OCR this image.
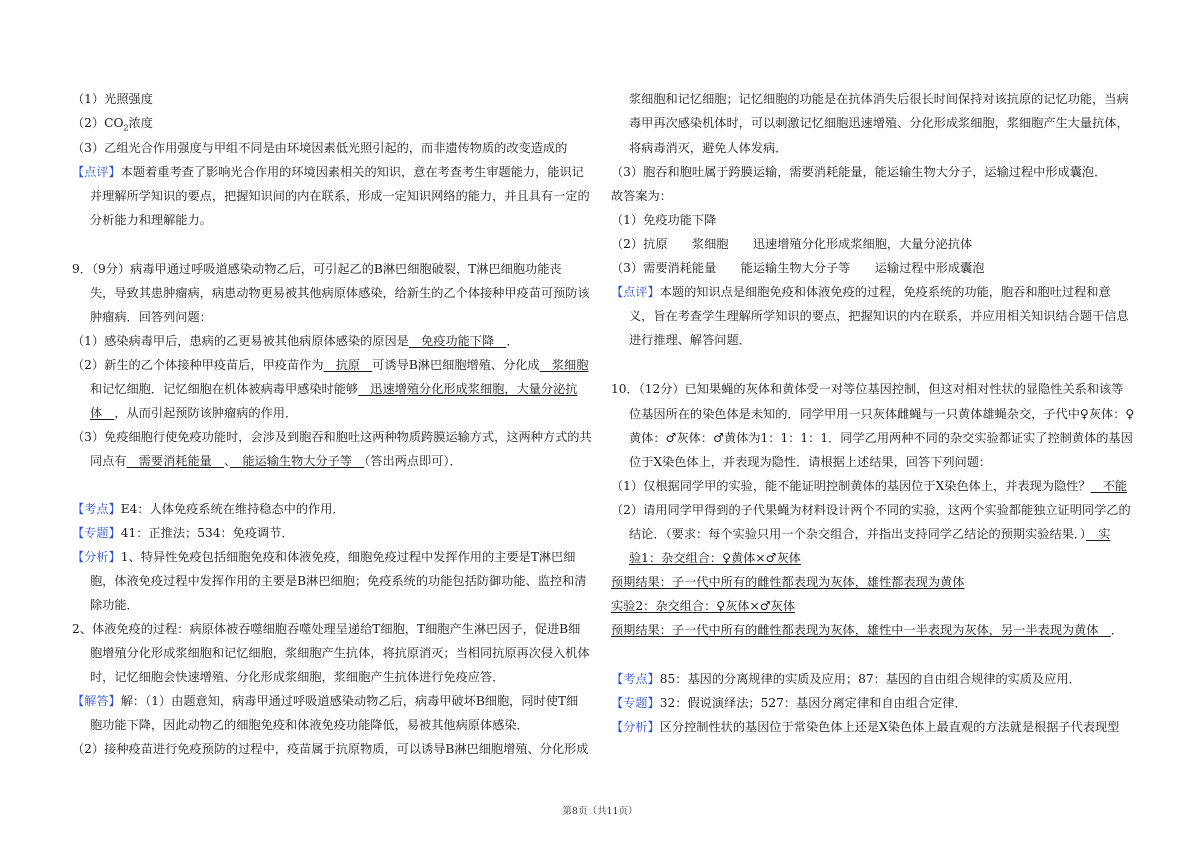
（1）光照强度
$(2)CO_2$浓度
（3）乙组光合作用强度与甲组不同是由环境因素低光照引起的，而非遗传物质的改变造成的
【点评】本题着重考查了影响光合作用的环境因素相关的知识，意在考查考生审题能力，能识记
并理解所学知识的要点，把握知识间的内在联系，形成一定知识网络的能力，并且具有一定的
分析能力和理解能力。
9．（9分）病毒甲通过呼吸道感染动物乙后，可引起乙的B淋巴细胞破裂，T淋巴细胞功能丧
失，导致其患肿瘤病，病患动物更易被其他病原体感染，给新生的乙个体接种甲疫苗可预防该
肿瘤病．回答列问题：
（1）感染病毒甲后，患病的乙更易被其他病原体感染的原因是　免疫功能下降　．
（2）新生的乙个体接种甲疫苗后，甲疫苗作为　抗原　可诱导B淋巴细胞增殖、分化成　浆细胞
和记忆细胞．记忆细胞在机体被病毒甲感染时能够　迅速增殖分化形成浆细胞，大量分泌抗
体　，从而引起预防该肿瘤病的作用．
（3）免疫细胞行使免疫功能时，会涉及到胞吞和胞吐这两种物质跨膜运输方式，这两种方式的共
同点有　需要消耗能量　、　能运输生物大分子等　（答出两点即可）．
【考点】E4：人体免疫系统在维持稳态中的作用．
【专题】41：正推法；534：免疫调节．
【分析】1、特异性免疫包括细胞免疫和体液免疫，细胞免疫过程中发挥作用的主要是T淋巴细
胞，体液免疫过程中发挥作用的主要是B淋巴细胞；免疫系统的功能包括防御功能、监控和清
除功能．
2、体液免疫的过程：病原体被吞噬细胞吞噬处理呈递给T细胞，T细胞产生淋巴因子，促进B细
胞增殖分化形成浆细胞和记忆细胞，浆细胞产生抗体，将抗原消灭；当相同抗原再次侵入机体
时，记忆细胞会快速增殖、分化形成浆细胞，浆细胞产生抗体进行免疫应答．
【解答】解：（1）由题意知，病毒甲通过呼吸道感染动物乙后，病毒甲破坏B细胞，同时使T细
胞功能下降，因此动物乙的细胞免疫和体液免疫功能降低，易被其他病原体感染．
（2）接种疫苗进行免疫预防的过程中，疫苗属于抗原物质，可以诱导B淋巴细胞增殖、分化形成
浆细胞和记忆细胞；记忆细胞的功能是在抗体消失后很长时间保持对该抗原的记忆功能，当病
毒甲再次感染机体时，可以刺激记忆细胞迅速增殖、分化形成浆细胞，浆细胞产生大量抗体，
将病毒消灭，避免人体发病．
（3）胞吞和胞吐属于跨膜运输，需要消耗能量，能运输生物大分子，运输过程中形成囊泡．
故答案为：
（1）免疫功能下降
（2）抗原　　浆细胞　　迅速增殖分化形成浆细胞，大量分泌抗体
（3）需要消耗能量　　能运输生物大分子等　　运输过程中形成囊泡
【点评】本题的知识点是细胞免疫和体液免疫的过程，免疫系统的功能，胞吞和胞吐过程和意
义，旨在考查学生理解所学知识的要点，把握知识的内在联系，并应用相关知识结合题干信息
进行推理、解答问题．
10．（12分）已知果蝇的灰体和黄体受一对等位基因控制，但这对相对性状的显隐性关系和该等
位基因所在的染色体是未知的．同学甲用一只灰体雌蝇与一只黄体雄蝇杂交，子代中♀灰体：♀
黄体：♂灰体：♂黄体为1：1：1：1．同学乙用两种不同的杂交实验都证实了控制黄体的基因
位于X染色体上，并表现为隐性．请根据上述结果，回答下列问题：
（1）仅根据同学甲的实验，能不能证明控制黄体的基因位于X染色体上，并表现为隐性？　不能
（2）请用同学甲得到的子代果蝇为材料设计两个不同的实验，这两个实验都能独立证明同学乙的
结论．（要求：每个实验只用一个杂交组合，并指出支持同学乙结论的预期实验结果．）　实
验1：杂交组合：♀黄体×♂灰体
预期结果：子一代中所有的雌性都表现为灰体，雄性都表现为黄体
实验2：杂交组合：♀灰体×♂灰体
预期结果：子一代中所有的雌性都表现为灰体，雄性中一半表现为灰体，另一半表现为黄体　．
【考点】85：基因的分离规律的实质及应用；87：基因的自由组合规律的实质及应用．
【专题】32：假说演绎法；527：基因分离定律和自由组合定律．
【分析】区分控制性状的基因位于常染色体上还是X染色体上最直观的方法就是根据子代表现型
第8页（共11页）
